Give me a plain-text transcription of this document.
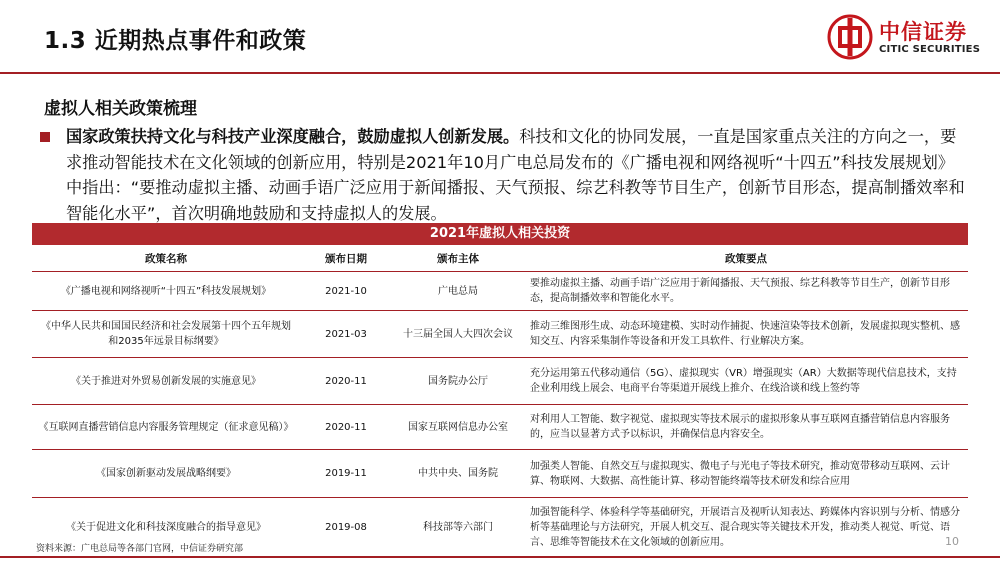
1.3 近期热点事件和政策	中信证券
CITIC SECURITIES
虚拟人相关政策梳理
国家政策扶持文化与科技产业深度融合，鼓励虚拟人创新发展。科技和文化的协同发展，一直是国家重点关注的方向之一，要求推动智能技术在文化领域的创新应用，特别是2021年10月广电总局发布的《广播电视和网络视听“十四五”科技发展规划》中指出：“要推动虚拟主播、动画手语广泛应用于新闻播报、天气预报、综艺科教等节目生产，创新节目形态，提高制播效率和智能化水平”，首次明确地鼓励和支持虚拟人的发展。
2021年虚拟人相关投资
政策名称	颁布日期	颁布主体	政策要点
《广播电视和网络视听“十四五”科技发展规划》	2021-10	广电总局	要推动虚拟主播、动画手语广泛应用于新闻播报、天气预报、综艺科教等节目生产，创新节目形态，提高制播效率和智能化水平。
《中华人民共和国国民经济和社会发展第十四个五年规划和2035年远景目标纲要》	2021-03	十三届全国人大四次会议	推动三维图形生成、动态环境建模、实时动作捕捉、快速渲染等技术创新，发展虚拟现实整机、感知交互、内容采集制作等设备和开发工具软件、行业解决方案。
《关于推进对外贸易创新发展的实施意见》	2020-11	国务院办公厅	充分运用第五代移动通信（5G）、虚拟现实（VR）增强现实（AR）大数据等现代信息技术，支持企业利用线上展会、电商平台等渠道开展线上推介、在线洽谈和线上签约等
《互联网直播营销信息内容服务管理规定（征求意见稿）》	2020-11	国家互联网信息办公室	对利用人工智能、数字视觉、虚拟现实等技术展示的虚拟形象从事互联网直播营销信息内容服务的，应当以显著方式予以标识，并确保信息内容安全。
《国家创新驱动发展战略纲要》	2019-11	中共中央、国务院	加强类人智能、自然交互与虚拟现实、微电子与光电子等技术研究，推动宽带移动互联网、云计算、物联网、大数据、高性能计算、移动智能终端等技术研发和综合应用
《关于促进文化和科技深度融合的指导意见》	2019-08	科技部等六部门	加强智能科学、体验科学等基础研究，开展语言及视听认知表达、跨媒体内容识别与分析、情感分析等基础理论与方法研究，开展人机交互、混合现实等关键技术开发，推动类人视觉、听觉、语言、思维等智能技术在文化领域的创新应用。
资料来源：广电总局等各部门官网，中信证券研究部
10
